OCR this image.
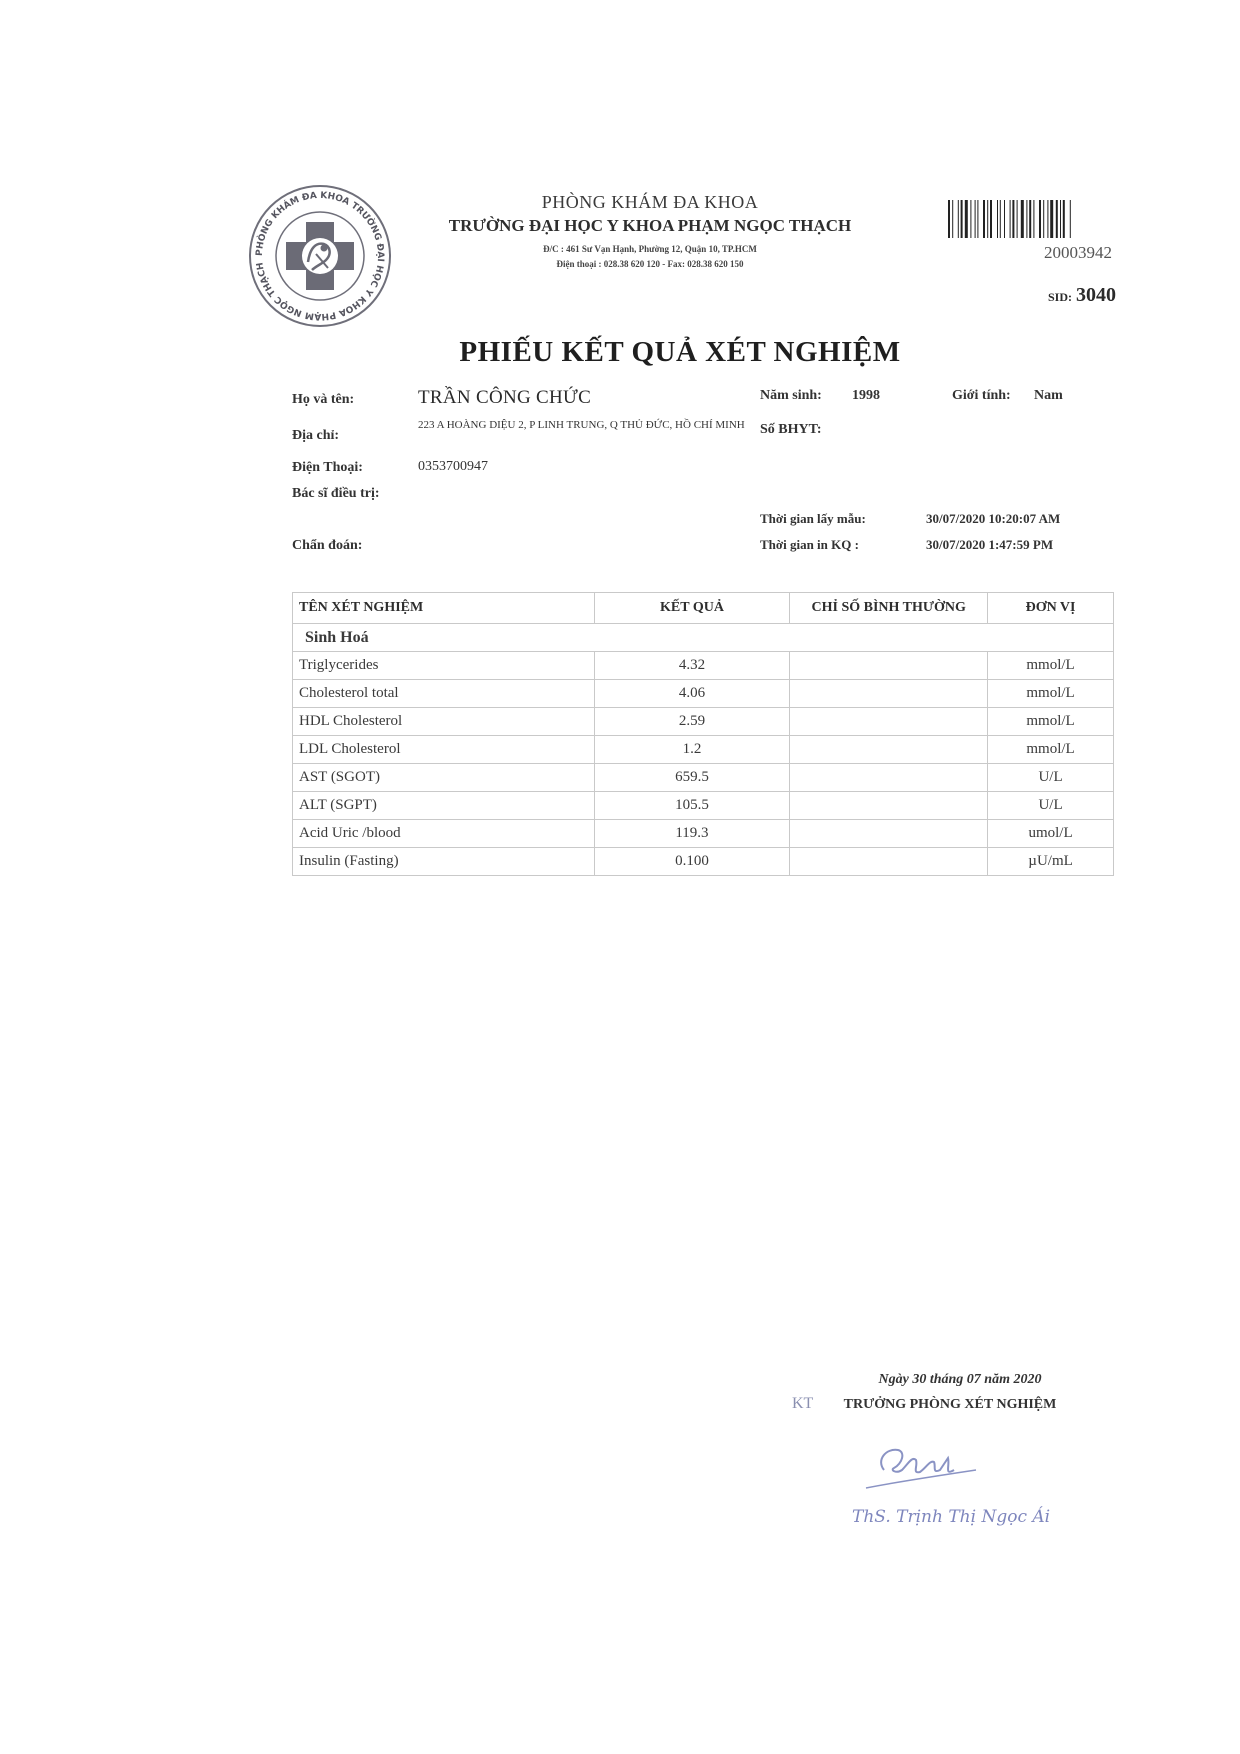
PHÒNG KHÁM ĐA KHOA TRƯỜNG ĐẠI HỌC Y KHOA PHẠM NGỌC THẠCH
PHÒNG KHÁM ĐA KHOA
TRƯỜNG ĐẠI HỌC Y KHOA PHẠM NGỌC THẠCH
Đ/C : 461 Sư Vạn Hạnh, Phường 12, Quận 10, TP.HCM
Điện thoại : 028.38 620 120 - Fax: 028.38 620 150
20003942
SID: 3040
PHIẾU KẾT QUẢ XÉT NGHIỆM
Họ và tên:	TRẦN CÔNG CHỨC	Năm sinh: 1998	Giới tính: Nam
Địa chỉ:
223 A HOÀNG DIỆU 2, P LINH TRUNG, Q THỦ ĐỨC, HỒ CHÍ MINH Số BHYT:
Điện Thoại:	0353700947
Bác sĩ điều trị:
Thời gian lấy mẫu:	30/07/2020 10:20:07 AM
Thời gian in KQ :	30/07/2020 1:47:59 PM
Chẩn đoán:
TÊN XÉT NGHIỆM	KẾT QUẢ	CHỈ SỐ BÌNH THƯỜNG	ĐƠN VỊ
Sinh Hoá			
Triglycerides	4.32		mmol/L
Cholesterol total	4.06		mmol/L
HDL Cholesterol	2.59		mmol/L
LDL Cholesterol	1.2		mmol/L
AST (SGOT)	659.5		U/L
ALT (SGPT)	105.5		U/L
Acid Uric /blood	119.3		umol/L
Insulin (Fasting)	0.100		µU/mL
Ngày 30 tháng 07 năm 2020
KT	TRƯỞNG PHÒNG XÉT NGHIỆM
ThS. Trịnh Thị Ngọc Ái
